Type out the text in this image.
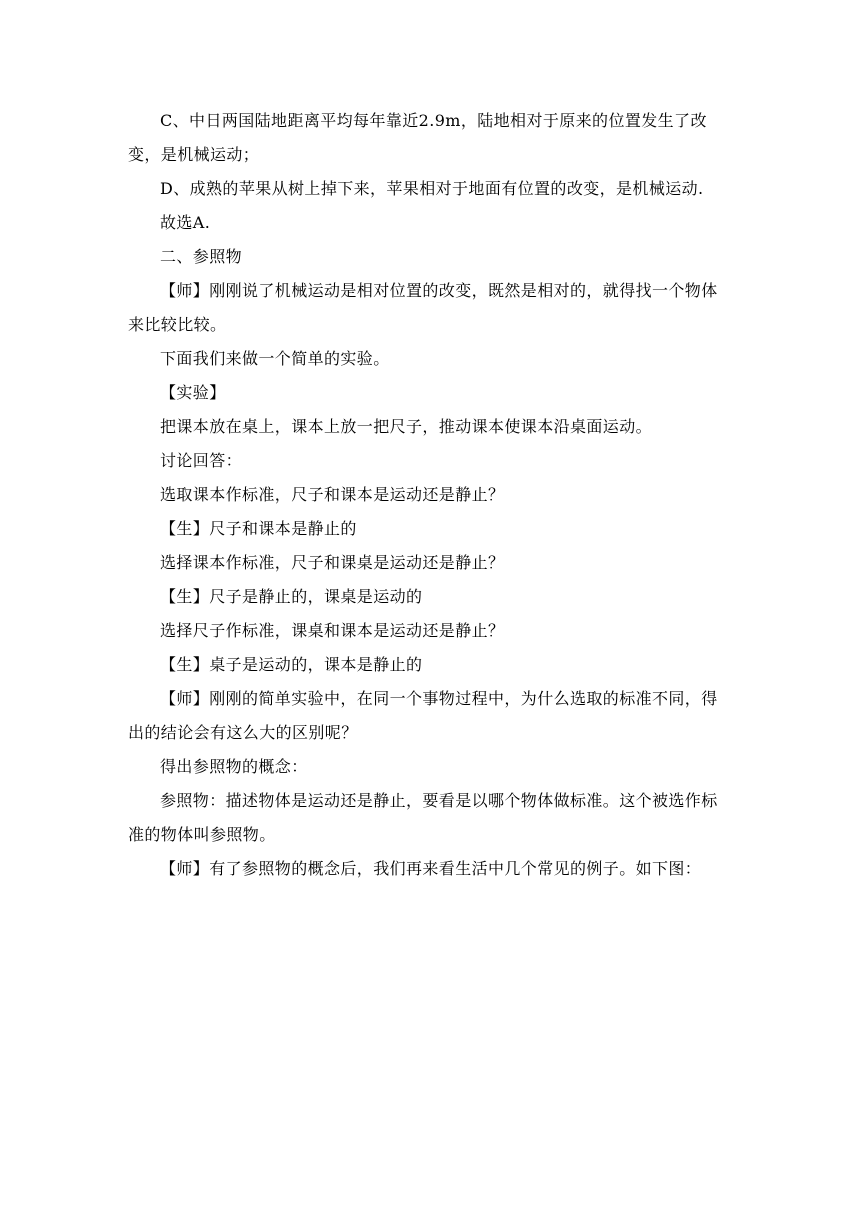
C、中日两国陆地距离平均每年靠近2.9m，陆地相对于原来的位置发生了改变，是机械运动；

D、成熟的苹果从树上掉下来，苹果相对于地面有位置的改变，是机械运动.

故选A.

二、参照物

【师】刚刚说了机械运动是相对位置的改变，既然是相对的，就得找一个物体来比较比较。

下面我们来做一个简单的实验。

【实验】

把课本放在桌上，课本上放一把尺子，推动课本使课本沿桌面运动。

讨论回答：

选取课本作标准，尺子和课本是运动还是静止？

【生】尺子和课本是静止的

选择课本作标准，尺子和课桌是运动还是静止？

【生】尺子是静止的，课桌是运动的

选择尺子作标准，课桌和课本是运动还是静止？

【生】桌子是运动的，课本是静止的

【师】刚刚的简单实验中，在同一个事物过程中，为什么选取的标准不同，得出的结论会有这么大的区别呢？

得出参照物的概念：

参照物：描述物体是运动还是静止，要看是以哪个物体做标准。这个被选作标准的物体叫参照物。

【师】有了参照物的概念后，我们再来看生活中几个常见的例子。如下图：
